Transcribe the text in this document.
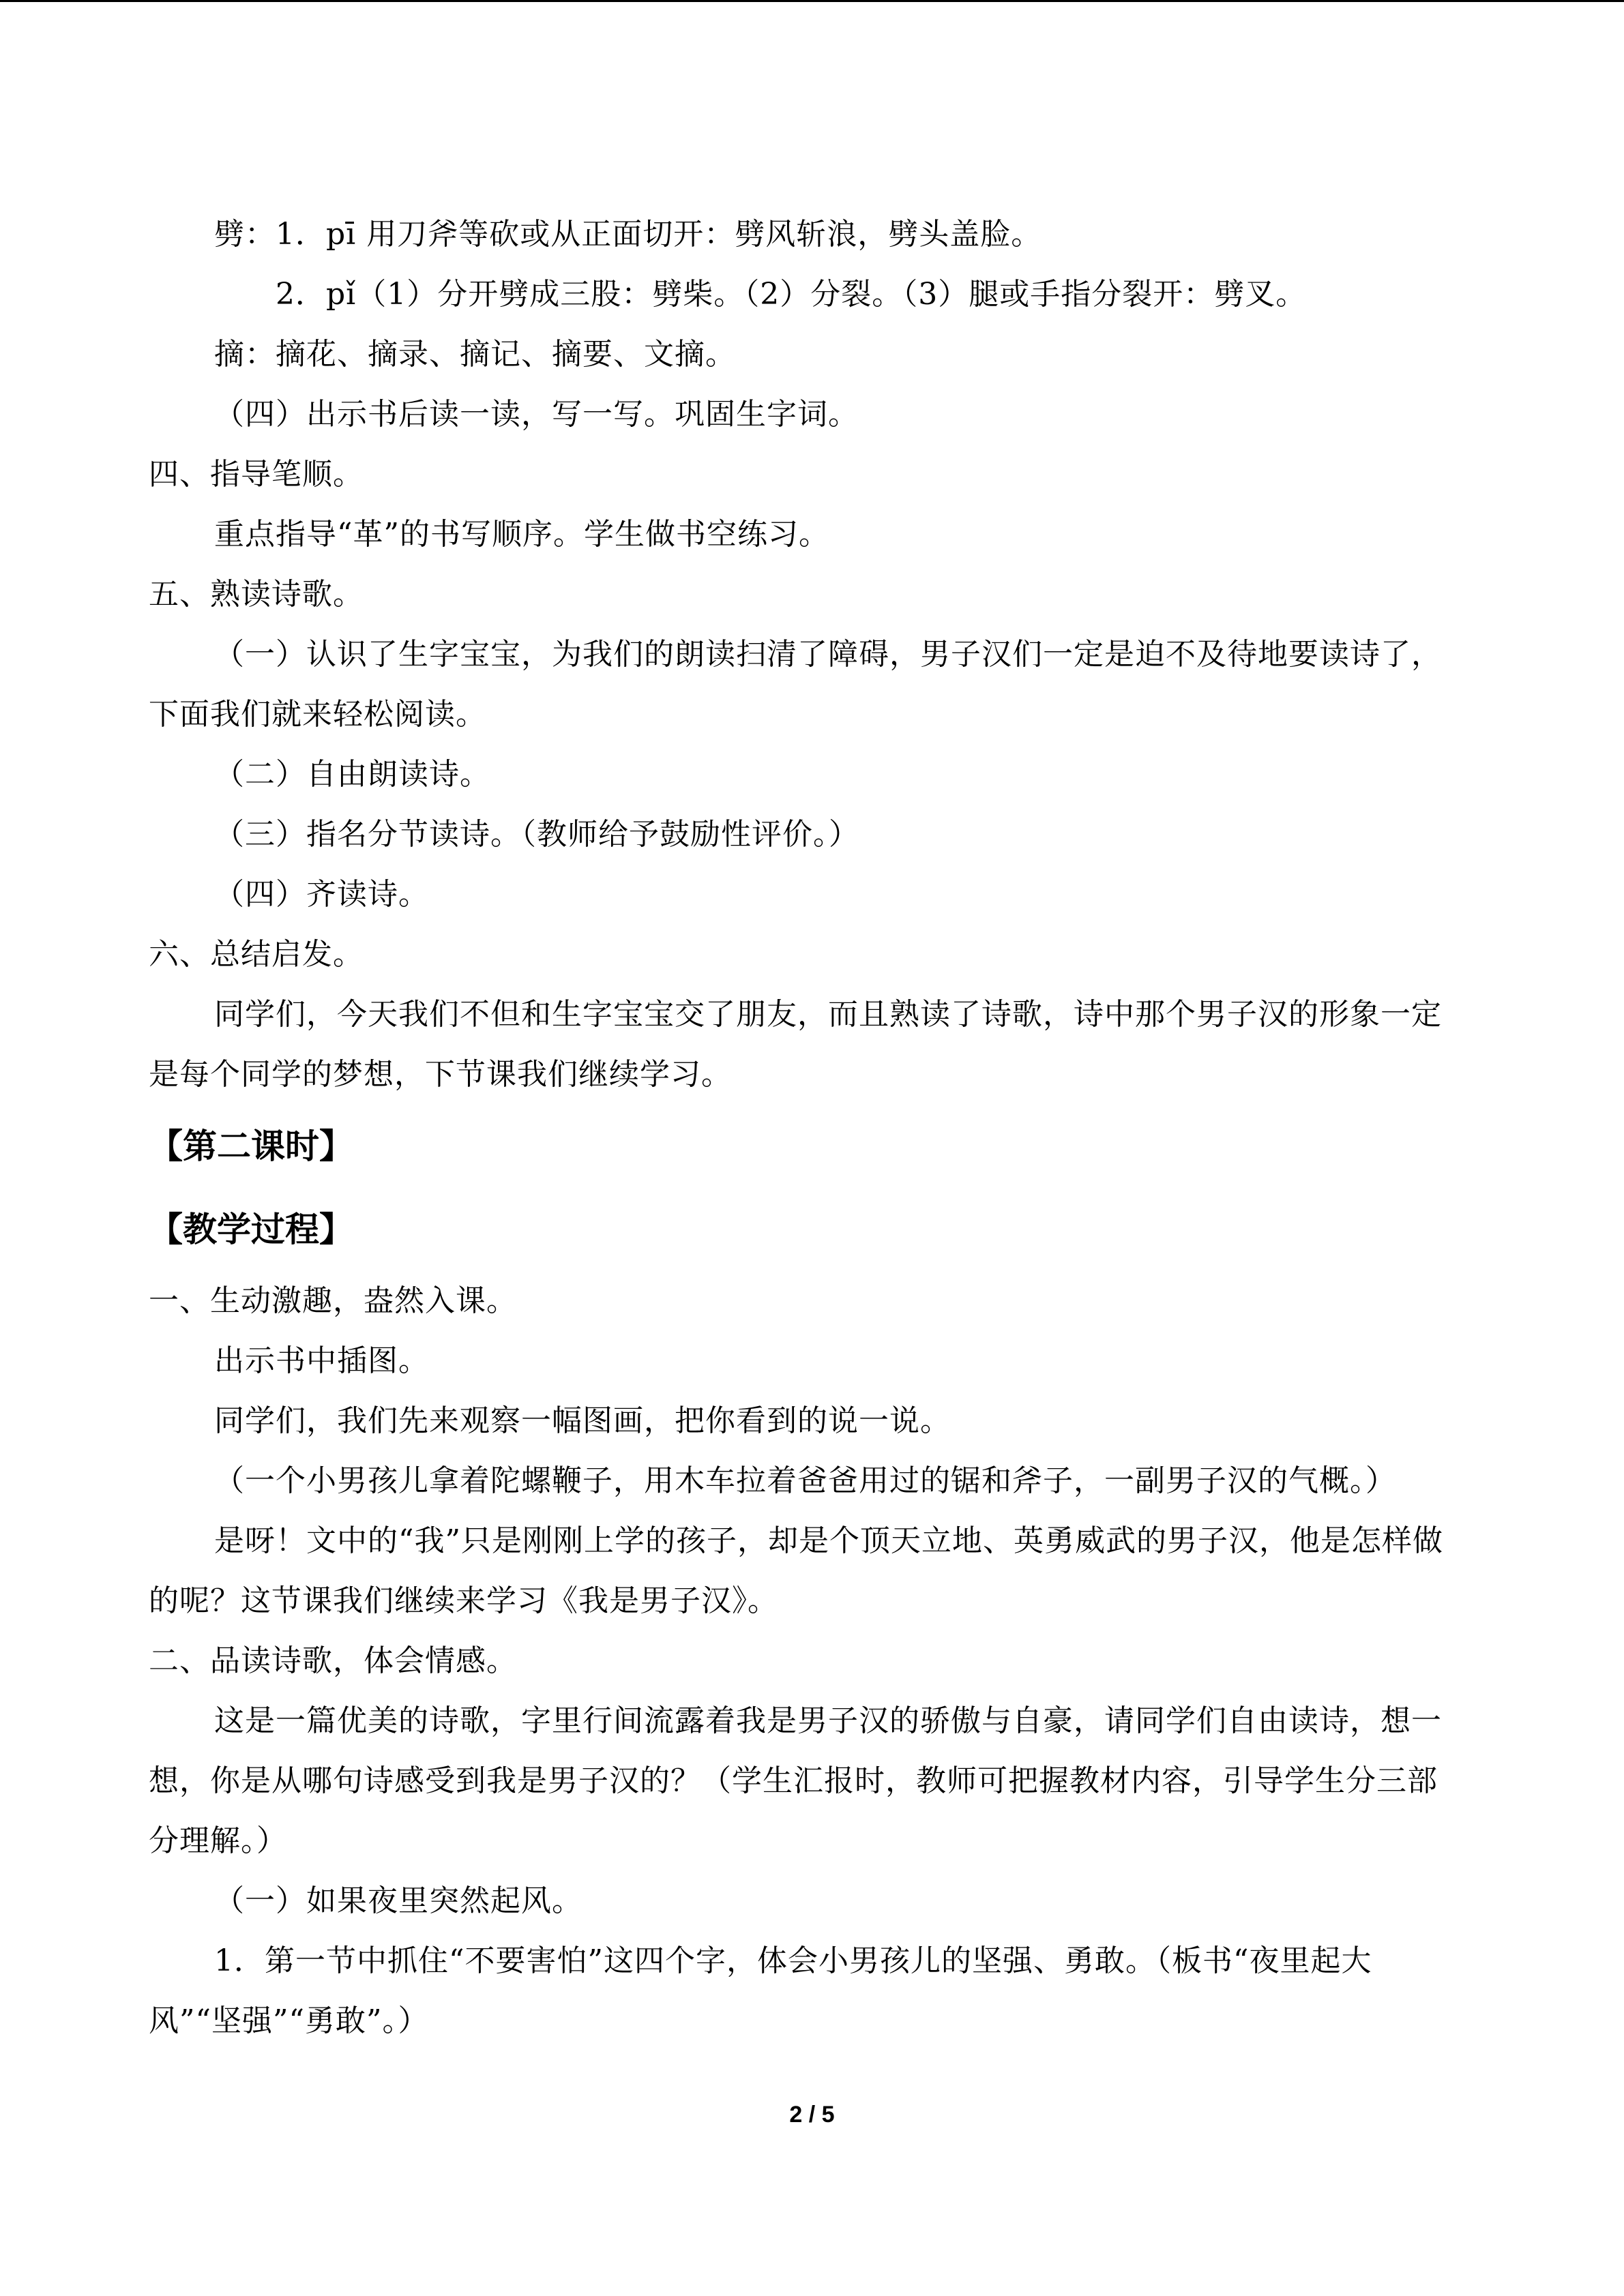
劈：1．pī 用刀斧等砍或从正面切开：劈风斩浪，劈头盖脸。
2．pǐ（1）分开劈成三股：劈柴。（2）分裂。（3）腿或手指分裂开：劈叉。
摘：摘花、摘录、摘记、摘要、文摘。
（四）出示书后读一读，写一写。巩固生字词。
四、指导笔顺。
重点指导“革”的书写顺序。学生做书空练习。
五、熟读诗歌。
（一）认识了生字宝宝，为我们的朗读扫清了障碍，男子汉们一定是迫不及待地要读诗了，下面我们就来轻松阅读。
（二）自由朗读诗。
（三）指名分节读诗。（教师给予鼓励性评价。）
（四）齐读诗。
六、总结启发。
同学们，今天我们不但和生字宝宝交了朋友，而且熟读了诗歌，诗中那个男子汉的形象一定是每个同学的梦想，下节课我们继续学习。
【第二课时】
【教学过程】
一、生动激趣，盎然入课。
出示书中插图。
同学们，我们先来观察一幅图画，把你看到的说一说。
（一个小男孩儿拿着陀螺鞭子，用木车拉着爸爸用过的锯和斧子，一副男子汉的气概。）
是呀！文中的“我”只是刚刚上学的孩子，却是个顶天立地、英勇威武的男子汉，他是怎样做的呢？这节课我们继续来学习《我是男子汉》。
二、品读诗歌，体会情感。
这是一篇优美的诗歌，字里行间流露着我是男子汉的骄傲与自豪，请同学们自由读诗，想一想，你是从哪句诗感受到我是男子汉的？（学生汇报时，教师可把握教材内容，引导学生分三部分理解。）
（一）如果夜里突然起风。
1．第一节中抓住“不要害怕”这四个字，体会小男孩儿的坚强、勇敢。（板书“夜里起大风”“坚强”“勇敢”。）
2 / 5
